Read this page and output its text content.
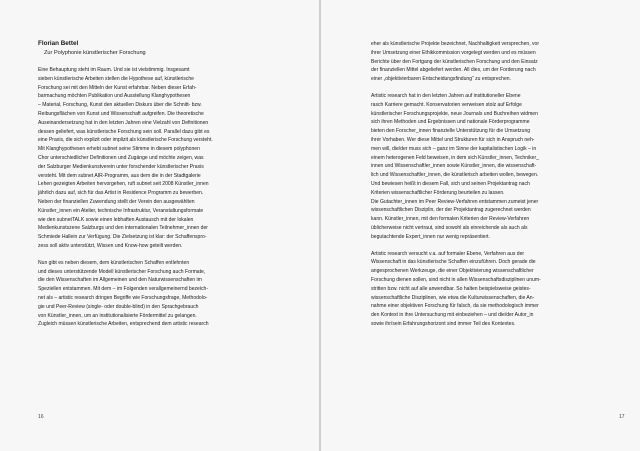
Florian Bettel
Zur Polyphonie künstlerischer Forschung

Eine Behauptung steht im Raum. Und sie ist vielstimmig. Insgesamt
sieben künstlerische Arbeiten stellen die Hypothese auf, künstlerische
Forschung sei mit den Mitteln der Kunst erfahrbar. Neben dieser Erfah-
barmachung möchten Publikation und Ausstellung Klanghypothesen
– Material, Forschung, Kunst den aktuellen Diskurs über die Schnitt- bzw.
Reibungsflächen von Kunst und Wissenschaft aufgreifen. Die theoretische
Auseinandersetzung hat in den letzten Jahren eine Vielzahl von Definitionen
dessen geliefert, was künstlerische Forschung sein soll. Parallel dazu gibt es
eine Praxis, die sich explizit oder implizit als künstlerische Forschung versteht.
Mit Klanghypothesen erhebt subnet seine Stimme in diesem polyphonen
Chor unterschiedlicher Definitionen und Zugänge und möchte zeigen, was
der Salzburger Medienkunstverein unter forschender künstlerischer Praxis
versteht. Mit dem subnet AIR-Programm, aus dem die in der Stadtgalerie
Lehen gezeigten Arbeiten hervorgehen, ruft subnet seit 2008 Künstler_innen
jährlich dazu auf, sich für das Artist in Residence Programm zu bewerben.
Neben der finanziellen Zuwendung stellt der Verein den ausgewählten
Künstler_innen ein Atelier, technische Infrastruktur, Veranstaltungsformate
wie den subnetTALK sowie einen lebhaften Austausch mit der lokalen
Medienkunstszene Salzburgs und den internationalen Teilnehmer_innen der
Schmiede Hallein zur Verfügung. Die Zielsetzung ist klar: der Schaffenspro-
zess soll aktiv unterstützt, Wissen und Know-how geteilt werden.

Nun gibt es neben diesem, dem künstlerischen Schaffen entlehnten
und dieses unterstützende Modell künstlerischer Forschung auch Formate,
die den Wissenschaften im Allgemeinen und den Naturwissenschaften im
Speziellen entstammen. Mit dem – im Folgenden verallgemeinernd bezeich-
net als – artistic research dringen Begriffe wie Forschungsfrage, Methodolo-
gie und Peer-Review (single- oder double-blind) in den Sprachgebrauch
von Künstler_innen, um an institutionalisierte Fördermittel zu gelangen.
Zugleich müssen künstlerische Arbeiten, entsprechend dem artistic research

16

eher als künstlerische Projekte bezeichnet, Nachhaltigkeit versprechen, vor
ihrer Umsetzung einer Ethikkommission vorgelegt werden und es müssen
Berichte über den Fortgang der künstlerischen Forschung und den Einsatz
der finanziellen Mittel abgeliefert werden. All dies, um der Forderung nach
einer „objektivierbaren Entscheidungsfindung“ zu entsprechen.

Artistic research hat in den letzten Jahren auf institutioneller Ebene
rasch Karriere gemacht. Konservatorien verweisen stolz auf Erfolge
künstlerischer Forschungsprojekte, neue Journals und Buchreihen widmen
sich ihren Methoden und Ergebnissen und nationale Förderprogramme
bieten den Forscher_innen finanzielle Unterstützung für die Umsetzung
ihrer Vorhaben. Wer diese Mittel und Strukturen für sich in Anspruch neh-
men will, die/der muss sich – ganz im Sinne der kapitalistischen Logik – in
einem heterogenen Feld beweisen, in dem sich Künstler_innen, Techniker_
innen und Wissenschaftler_innen sowie Künstler_innen, die wissenschaft-
lich und Wissenschaftler_innen, die künstlerisch arbeiten wollen, bewegen.
Und bewiesen heißt in diesem Fall, sich und seinen Projektantrag nach
Kriterien wissenschaftlicher Förderung beurteilen zu lassen.
Die Gutachter_innen im Peer Review-Verfahren entstammen zumeist jener
wissenschaftlichen Disziplin, der der Projektantrag zugerechnet werden
kann. Künstler_innen, mit den formalen Kriterien der Review-Verfahren
üblicherweise nicht vertraut, sind sowohl als einreichende als auch als
begutachtende Expert_innen nur wenig repräsentiert.

Artistic research versucht v.a. auf formaler Ebene, Verfahren aus der
Wissenschaft in das künstlerische Schaffen einzuführen. Doch gerade die
angesprochenen Werkzeuge, die einer Objektivierung wissenschaftlicher
Forschung dienen sollen, sind nicht in allen Wissenschaftsdisziplinen unum-
stritten bzw. nicht auf alle anwendbar. So halten beispielsweise geistes-
wissenschaftliche Disziplinen, wie etwa die Kulturwissenschaften, die An-
nahme einer objektiven Forschung für falsch, da sie methodologisch immer
den Kontext in ihre Untersuchung mit einbeziehen – und die/der Autor_in
sowie ihr/sein Erfahrungshorizont sind immer Teil des Kontextes.

17
